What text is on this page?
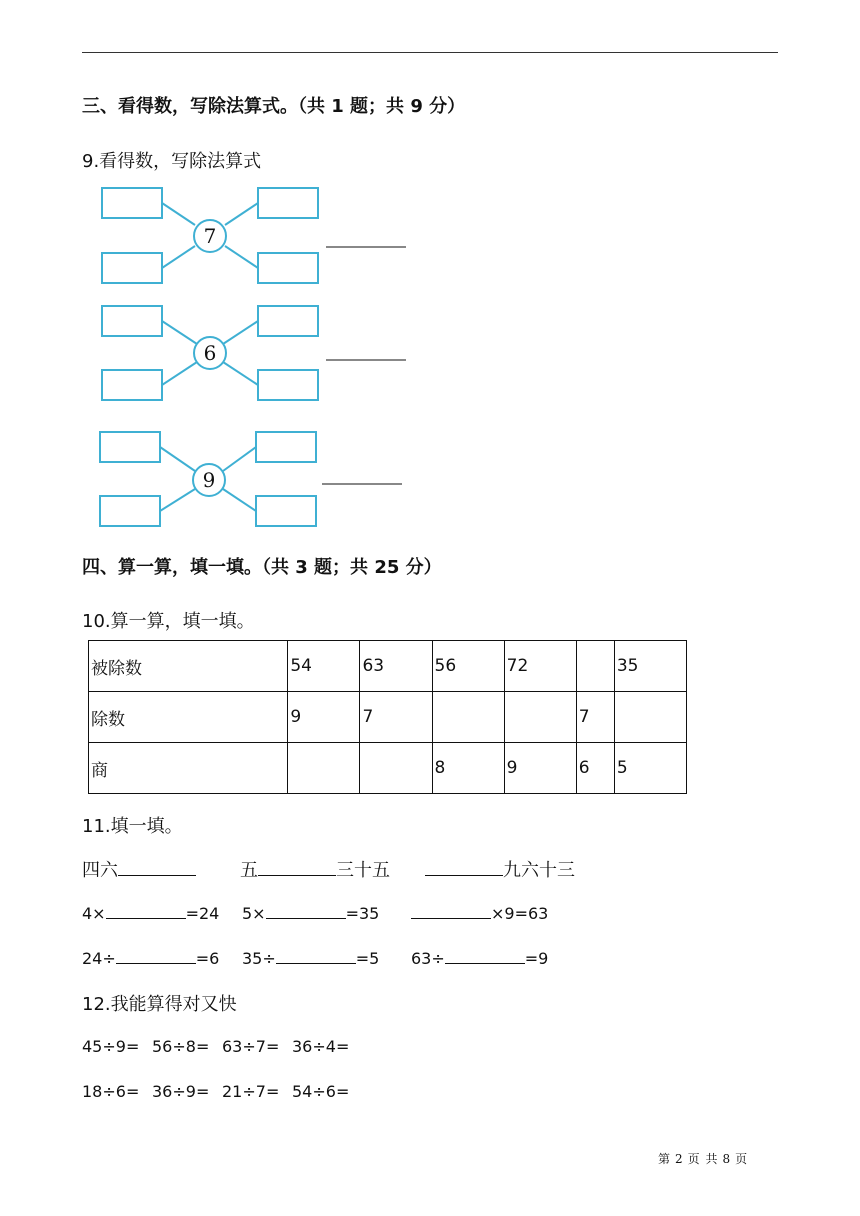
三、看得数，写除法算式。（共 1 题；共 9 分）
9.看得数，写除法算式
7
6
9
四、算一算，填一填。（共 3 题；共 25 分）
10.算一算，填一填。
被除数	54	63	56	72		35
除数	9	7			7	
商			8	9	6	5
11.填一填。
四六	五	三十五	九六十三
4×	=24 5×	=35	×9=63
24÷	=6 35÷	=5 63÷	=9
12.我能算得对又快
45÷9= 56÷8= 63÷7= 36÷4=
18÷6= 36÷9= 21÷7= 54÷6=
第 2 页 共 8 页
